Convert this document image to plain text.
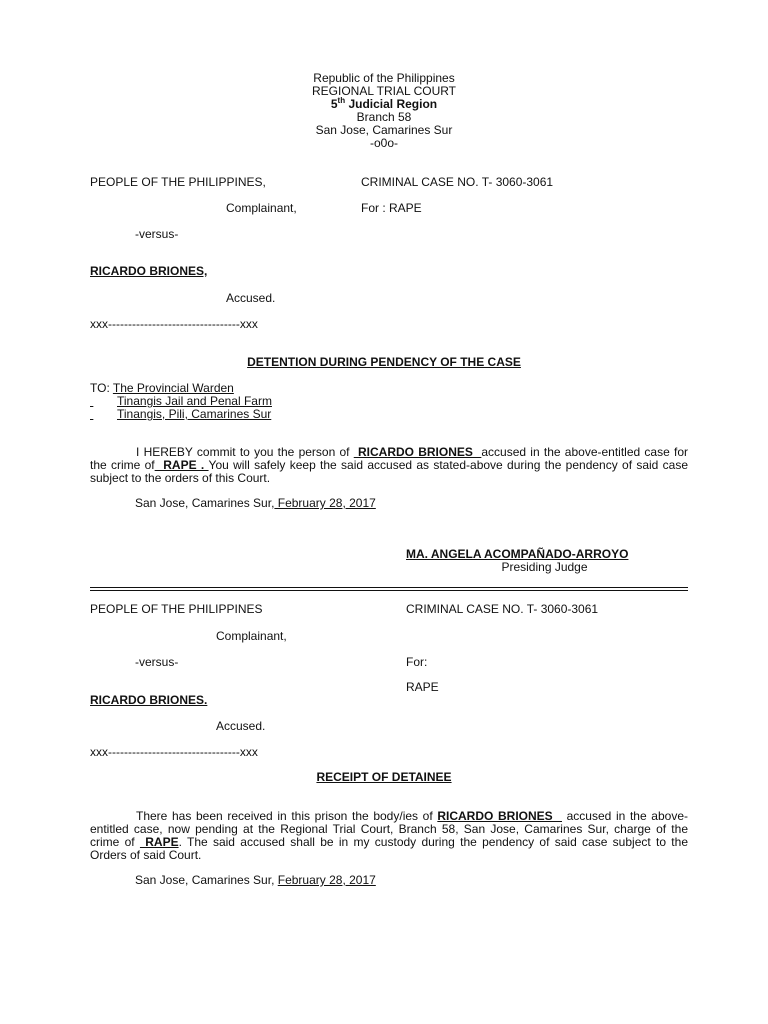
Republic of the Philippines
REGIONAL TRIAL COURT
5th Judicial Region
Branch 58
San Jose, Camarines Sur
-o0o-
PEOPLE OF THE PHILIPPINES,	CRIMINAL CASE NO. T- 3060-3061
Complainant,	For : RAPE
-versus-
RICARDO BRIONES,
Accused.
xxx---------------------------------xxx
DETENTION DURING PENDENCY OF THE CASE
TO: The Provincial Warden
Tinangis Jail and Penal Farm
Tinangis, Pili, Camarines Sur
I HEREBY commit to you the person of  RICARDO BRIONES  accused in the above-entitled case for the crime of  RAPE . You will safely keep the said accused as stated-above during the pendency of said case subject to the orders of this Court.
San Jose, Camarines Sur, February 28, 2017
MA. ANGELA ACOMPAÑADO-ARROYO
Presiding Judge
PEOPLE OF THE PHILIPPINES	CRIMINAL CASE NO. T- 3060-3061
Complainant,
-versus-	For:
RAPE
RICARDO BRIONES.
Accused.
xxx---------------------------------xxx
RECEIPT OF DETAINEE
There has been received in this prison the body/ies of RICARDO BRIONES   accused in the above-entitled case, now pending at the Regional Trial Court, Branch 58, San Jose, Camarines Sur, charge of the crime of  RAPE. The said accused shall be in my custody during the pendency of said case subject to the Orders of said Court.
San Jose, Camarines Sur, February 28, 2017
